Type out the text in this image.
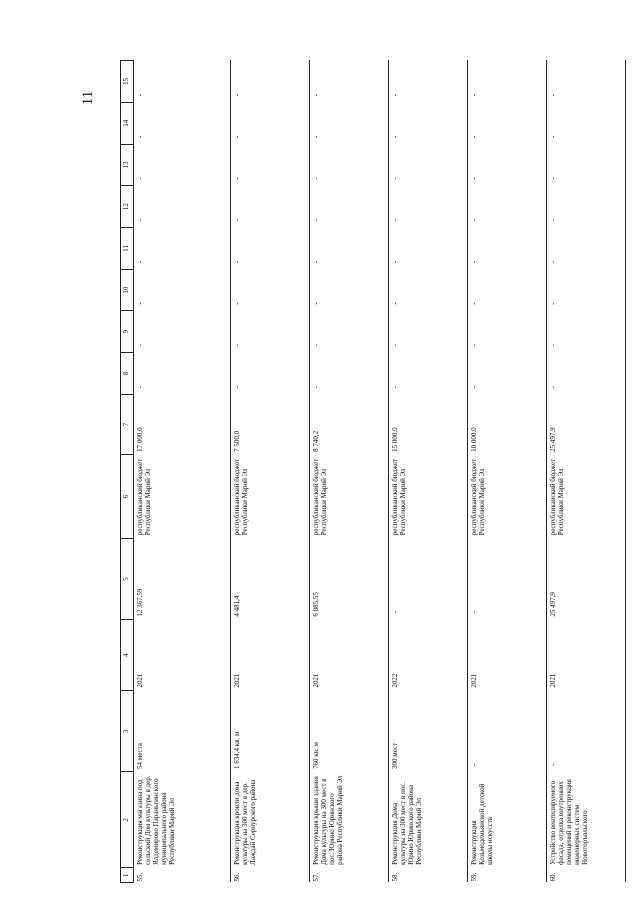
11
1	2	3	4	5	6	7	8	9	10	11	12	13	14	15
55.	Реконструкция магазина под сельский Дом культуры в дер. Ялдемирово Параньгинского муниципального района Республики Марий Эл	54 места	2021	12 367,59	республиканский бюджет Республики Марий Эл	17 000,0	-	-	-	-	-	-	-	-
56.	Реконструкция кровли дома культуры на 300 мест в дер. Лаждай Сернурского района	1 634,4 кв. м	2021	4 481,4	республиканский бюджет Республики Марий Эл	7 500,0	-	-	-	-	-	-	-	-
57.	Реконструкция крыши здания Дома культуры на 300 мест в пос. Юрино Юринского района Республики Марий Эл	760 кв. м	2021	6 085,55	республиканский бюджет Республики Марий Эл	8 740,2	-	-	-	-	-	-	-	-
58.	Реконструкция Дома культуры на 300 мест в пос. Юрино Юринского района Республики Марий Эл	300 мест	2022	-	республиканский бюджет Республики Марий Эл	15 000,0	-	-	-	-	-	-	-	-
59.	Реконструкция Козьмодемьянской детской школы искусств	-	2021	-	республиканский бюджет Республики Марий Эл	10 000,0	-	-	-	-	-	-	-	-
60.	Устройство вентилируемого фасада, отделка внутренних помещений и реконструкция инженерных систем Новоторъяльского	-	2021	25 497,9	республиканский бюджет Республики Марий Эл	25 497,9	-	-	-	-	-	-	-	-
